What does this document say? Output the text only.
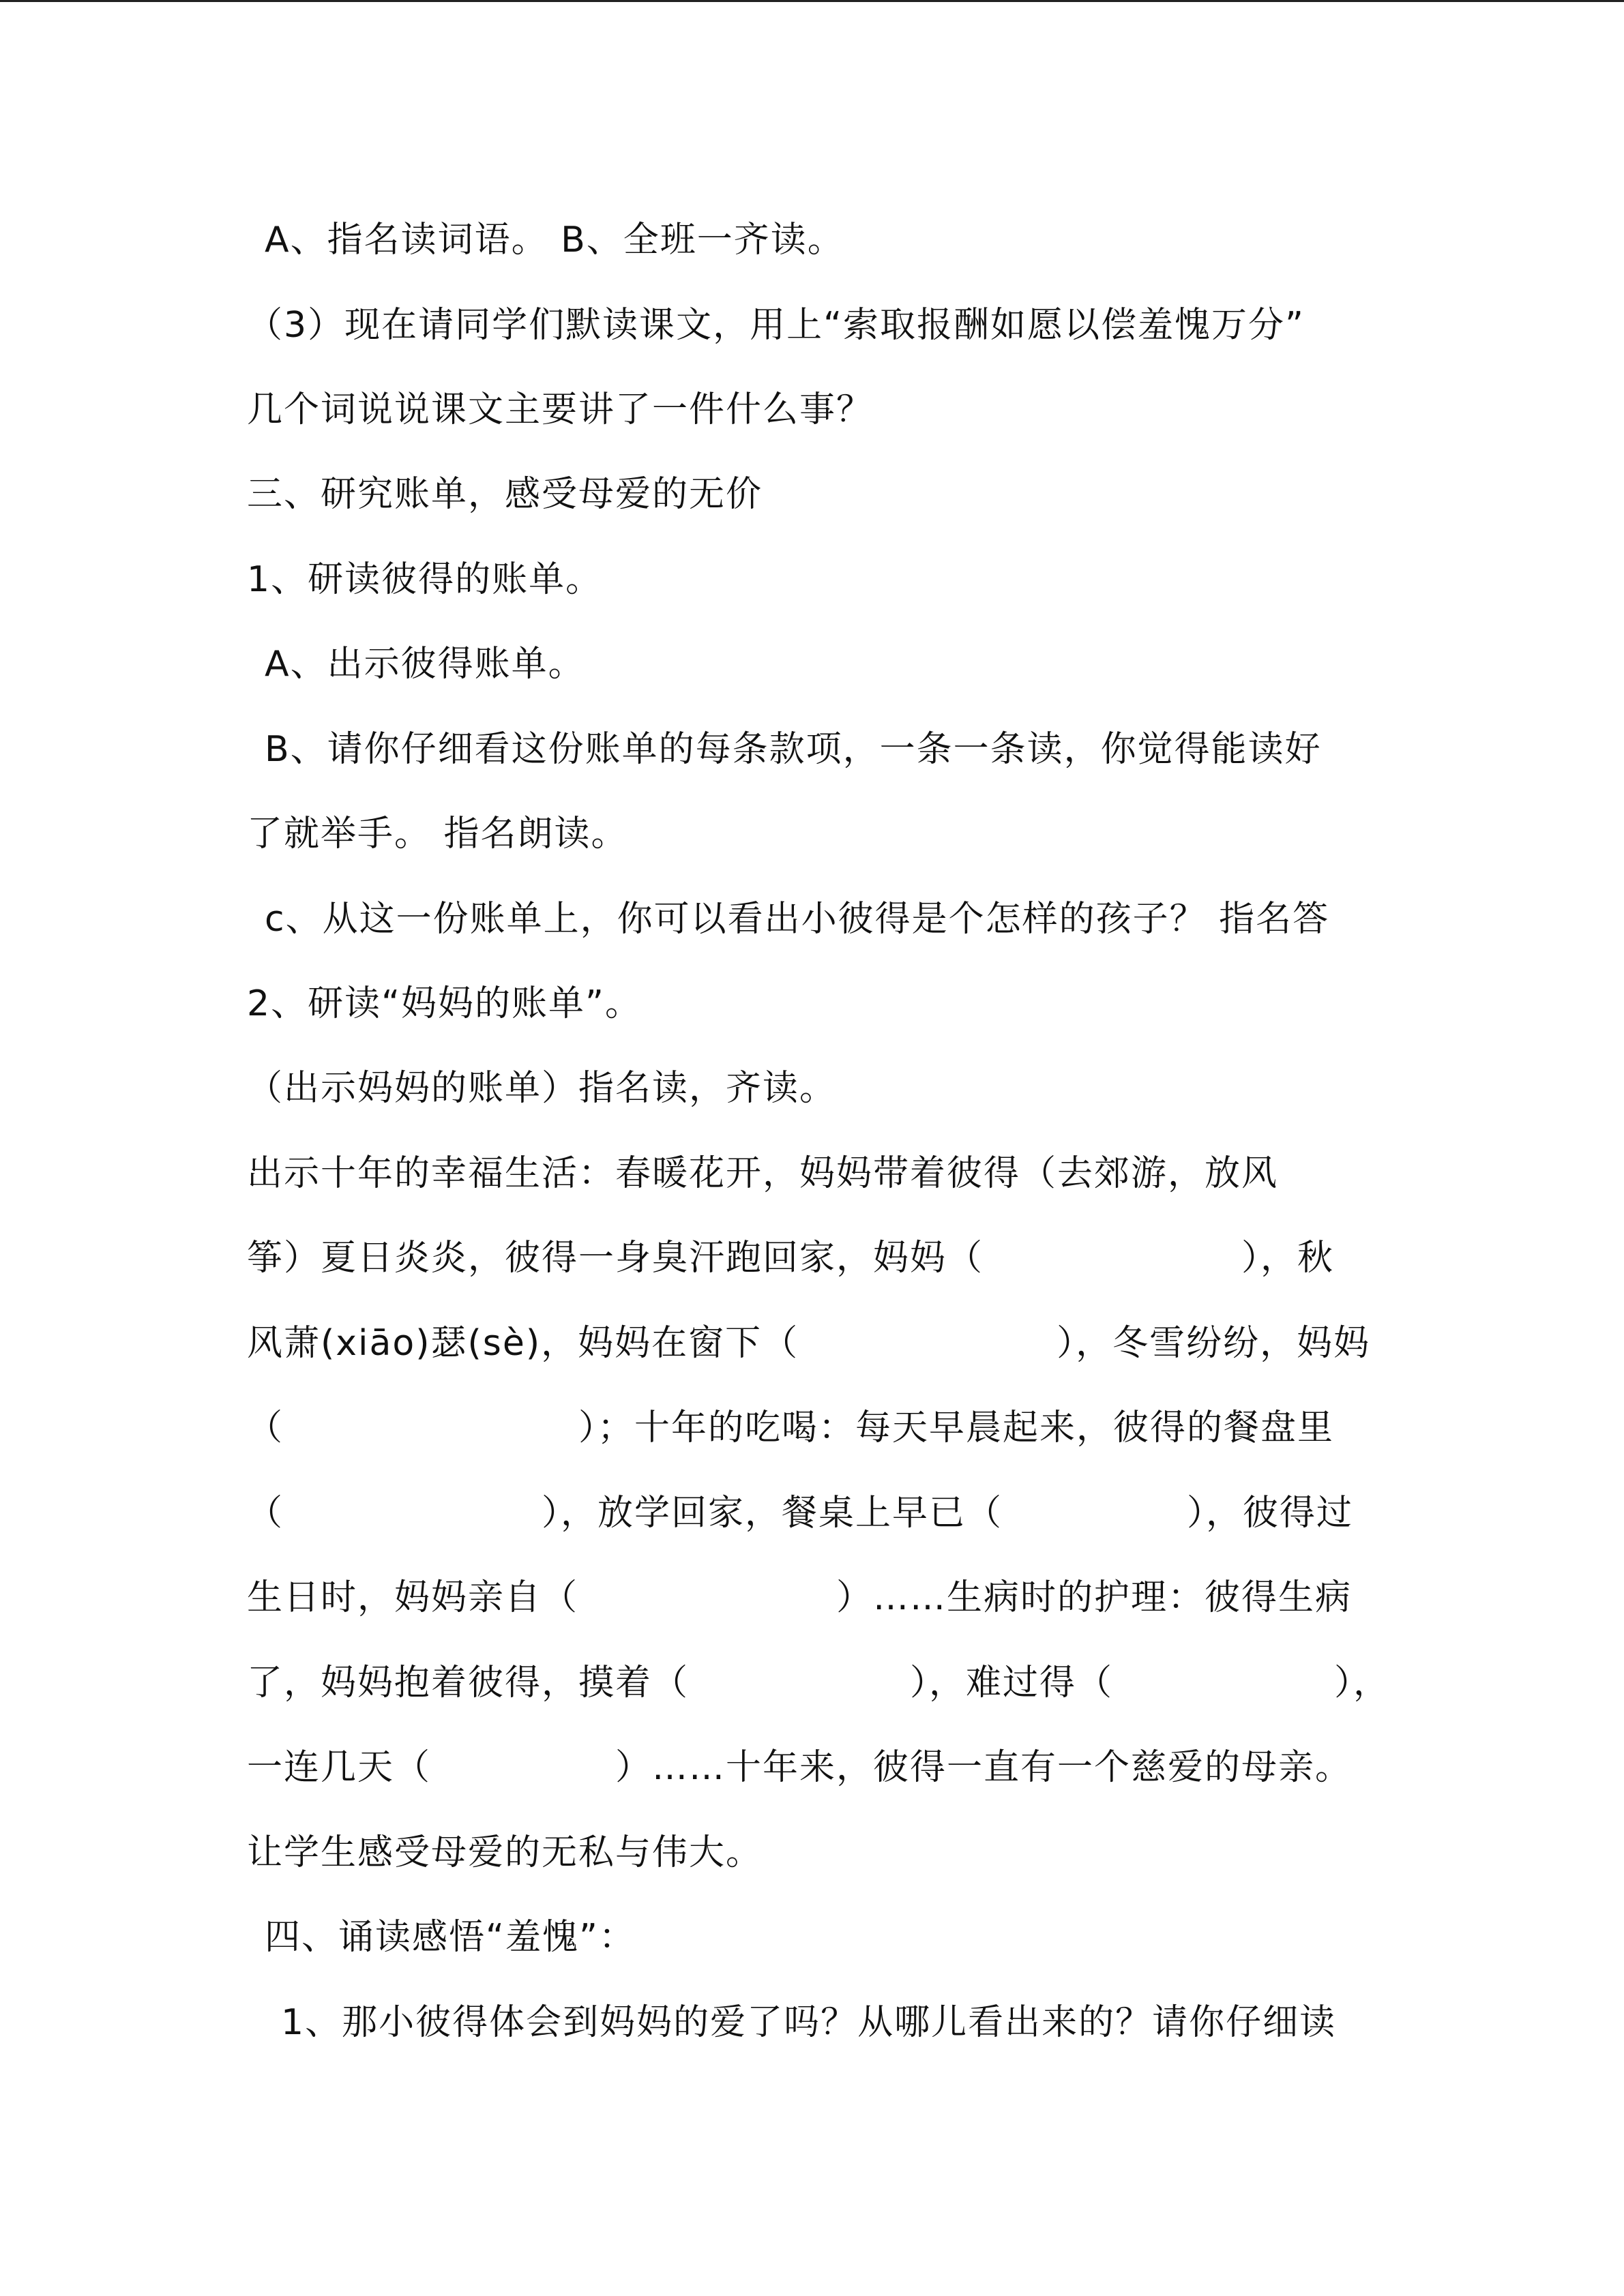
A、指名读词语。 B、全班一齐读。
（3）现在请同学们默读课文，用上“索取报酬如愿以偿羞愧万分”
几个词说说课文主要讲了一件什么事？
三、研究账单，感受母爱的无价
1、研读彼得的账单。
A、出示彼得账单。
B、请你仔细看这份账单的每条款项，一条一条读，你觉得能读好
了就举手。 指名朗读。
c、从这一份账单上，你可以看出小彼得是个怎样的孩子？ 指名答
2、研读“妈妈的账单”。
（出示妈妈的账单）指名读，齐读。
出示十年的幸福生活：春暖花开，妈妈带着彼得（去郊游，放风
筝）夏日炎炎，彼得一身臭汗跑回家，妈妈（　　　　　　　），秋
风萧(xiāo)瑟(sè)，妈妈在窗下（　　　　　　　），冬雪纷纷，妈妈
（　　　　　　　　）；十年的吃喝：每天早晨起来，彼得的餐盘里
（　　　　　　　），放学回家，餐桌上早已（　　　　　），彼得过
生日时，妈妈亲自（　　　　　　　）……生病时的护理：彼得生病
了，妈妈抱着彼得，摸着（　　　　　　），难过得（　　　　　　），
一连几天（　　　　　）……十年来，彼得一直有一个慈爱的母亲。
让学生感受母爱的无私与伟大。
四、诵读感悟“羞愧”：
1、那小彼得体会到妈妈的爱了吗？从哪儿看出来的？请你仔细读
